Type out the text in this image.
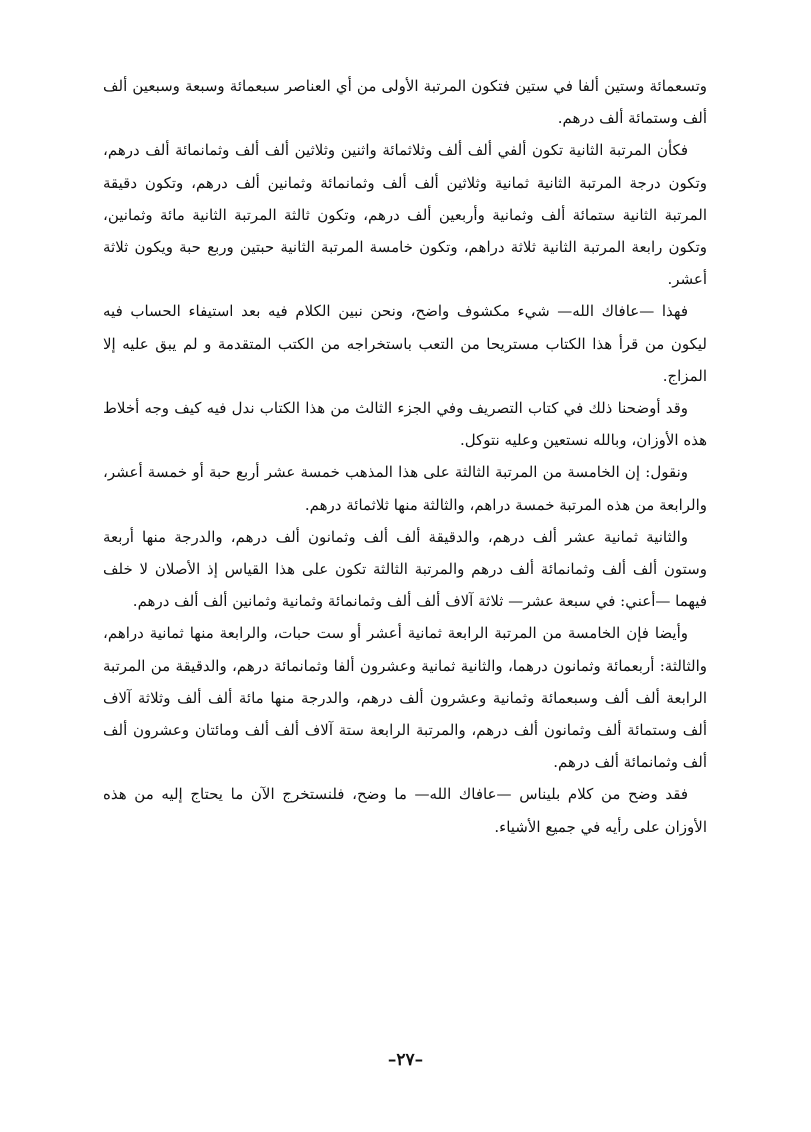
وتسعمائة وستين ألفا في ستين فتكون المرتبة الأولى من أي العناصر سبعمائة وسبعة وسبعين ألف ألف وستمائة ألف درهم.

فكأن المرتبة الثانية تكون ألفي ألف ألف وثلاثمائة واثنين وثلاثين ألف ألف وثمانمائة ألف درهم، وتكون درجة المرتبة الثانية ثمانية وثلاثين ألف ألف وثمانمائة وثمانين ألف درهم، وتكون دقيقة المرتبة الثانية ستمائة ألف وثمانية وأربعين ألف درهم، وتكون ثالثة المرتبة الثانية مائة وثمانين، وتكون رابعة المرتبة الثانية ثلاثة دراهم، وتكون خامسة المرتبة الثانية حبتين وربع حبة ويكون ثلاثة أعشر.

فهذا —عافاك الله— شيء مكشوف واضح، ونحن نبين الكلام فيه بعد استيفاء الحساب فيه ليكون من قرأ هذا الكتاب مستريحا من التعب باستخراجه من الكتب المتقدمة و لم يبق عليه إلا المزاج.

وقد أوضحنا ذلك في كتاب التصريف وفي الجزء الثالث من هذا الكتاب ندل فيه كيف وجه أخلاط هذه الأوزان، وبالله نستعين وعليه نتوكل.

ونقول: إن الخامسة من المرتبة الثالثة على هذا المذهب خمسة عشر أربع حبة أو خمسة أعشر، والرابعة من هذه المرتبة خمسة دراهم، والثالثة منها ثلاثمائة درهم.

والثانية ثمانية عشر ألف درهم، والدقيقة ألف ألف وثمانون ألف درهم، والدرجة منها أربعة وستون ألف ألف وثمانمائة ألف درهم والمرتبة الثالثة تكون على هذا القياس إذ الأصلان لا خلف فيهما —أعني: في سبعة عشر— ثلاثة آلاف ألف ألف وثمانمائة وثمانية وثمانين ألف ألف درهم.

وأيضا فإن الخامسة من المرتبة الرابعة ثمانية أعشر أو ست حبات، والرابعة منها ثمانية دراهم، والثالثة: أربعمائة وثمانون درهما، والثانية ثمانية وعشرون ألفا وثمانمائة درهم، والدقيقة من المرتبة الرابعة ألف ألف وسبعمائة وثمانية وعشرون ألف درهم، والدرجة منها مائة ألف ألف وثلاثة آلاف ألف وستمائة ألف وثمانون ألف درهم، والمرتبة الرابعة ستة آلاف ألف ألف ومائتان وعشرون ألف ألف وثمانمائة ألف درهم.

فقد وضح من كلام بليناس —عافاك الله— ما وضح، فلنستخرج الآن ما يحتاج إليه من هذه الأوزان على رأيه في جميع الأشياء.

–٢٧–
